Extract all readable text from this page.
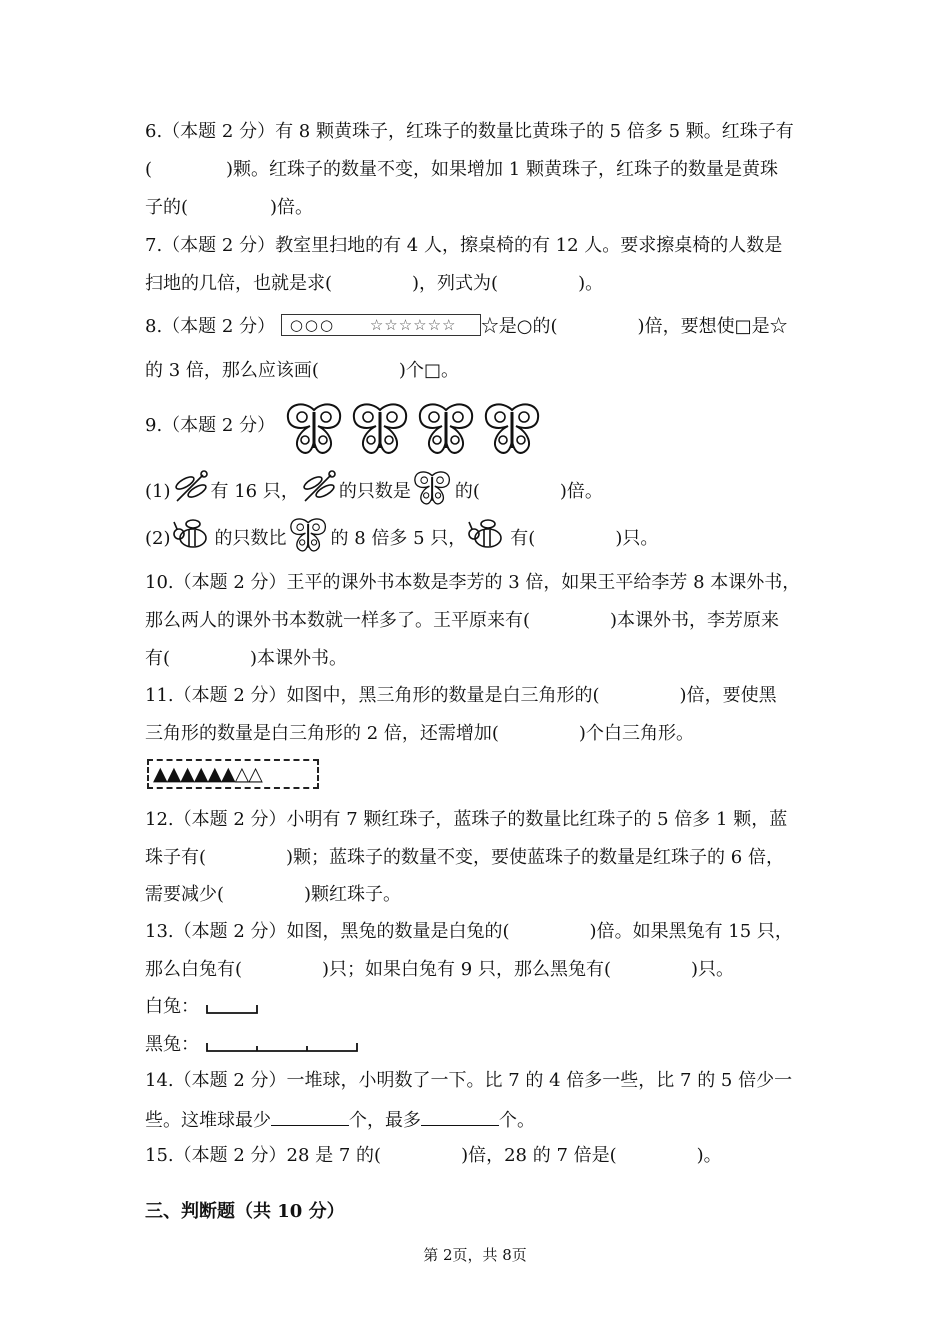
6.（本题 2 分）有 8 颗黄珠子，红珠子的数量比黄珠子的 5 倍多 5 颗。红珠子有
(	)颗。红珠子的数量不变，如果增加 1 颗黄珠子，红珠子的数量是黄珠
子的(	)倍。
7.（本题 2 分）教室里扫地的有 4 人，擦桌椅的有 12 人。要求擦桌椅的人数是
扫地的几倍，也就是求(	)，列式为(	)。
8.（本题 2 分） ○○○ ☆☆☆☆☆☆ ☆是○的(	)倍，要想使□是☆
的 3 倍，那么应该画(	)个□。
9.（本题 2 分）
(1) 有 16 只， 的只数是 的(	)倍。
(2) 的只数比 的 8 倍多 5 只， 有(	)只。
10.（本题 2 分）王平的课外书本数是李芳的 3 倍，如果王平给李芳 8 本课外书，
那么两人的课外书本数就一样多了。王平原来有(	)本课外书，李芳原来
有(	)本课外书。
11.（本题 2 分）如图中，黑三角形的数量是白三角形的(	)倍，要使黑
三角形的数量是白三角形的 2 倍，还需增加(	)个白三角形。
▲▲▲▲▲▲△△
12.（本题 2 分）小明有 7 颗红珠子，蓝珠子的数量比红珠子的 5 倍多 1 颗，蓝
珠子有(	)颗；蓝珠子的数量不变，要使蓝珠子的数量是红珠子的 6 倍，
需要减少(	)颗红珠子。
13.（本题 2 分）如图，黑兔的数量是白兔的(	)倍。如果黑兔有 15 只，
那么白兔有(	)只；如果白兔有 9 只，那么黑兔有(	)只。
白兔：
黑兔：
14.（本题 2 分）一堆球，小明数了一下。比 7 的 4 倍多一些，比 7 的 5 倍少一
些。这堆球最少	个，最多	个。
15.（本题 2 分）28 是 7 的(	)倍，28 的 7 倍是(	)。
三、判断题（共 10 分）
第 2页，共 8页
